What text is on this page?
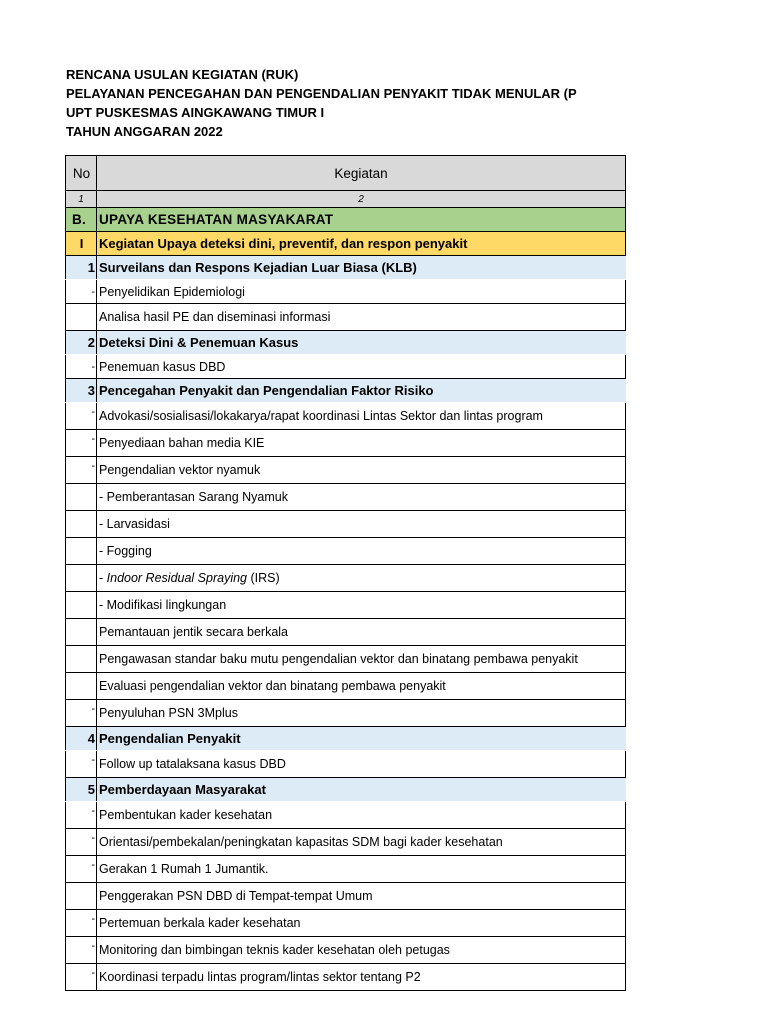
RENCANA USULAN KEGIATAN (RUK)
PELAYANAN PENCEGAHAN DAN PENGENDALIAN PENYAKIT TIDAK MENULAR (P
UPT PUSKESMAS AINGKAWANG TIMUR I
TAHUN ANGGARAN 2022
No	Kegiatan
1	2
B.	UPAYA KESEHATAN MASYAKARAT
I	Kegiatan Upaya deteksi dini, preventif, dan respon penyakit
1	Surveilans dan Respons Kejadian Luar Biasa (KLB)
-	Penyelidikan Epidemiologi
	Analisa hasil PE dan diseminasi informasi
2	Deteksi Dini & Penemuan Kasus
-	Penemuan kasus DBD
3	Pencegahan Penyakit dan Pengendalian Faktor Risiko
-	Advokasi/sosialisasi/lokakarya/rapat koordinasi Lintas Sektor dan lintas program
-	Penyediaan bahan media KIE
-	Pengendalian vektor nyamuk
	- Pemberantasan Sarang Nyamuk
	- Larvasidasi
	- Fogging
	- Indoor Residual Spraying (IRS)
	- Modifikasi lingkungan
	Pemantauan jentik secara berkala
	Pengawasan standar baku mutu pengendalian vektor dan binatang pembawa penyakit
	Evaluasi pengendalian vektor dan binatang pembawa penyakit
-	Penyuluhan PSN 3Mplus
4	Pengendalian Penyakit
-	Follow up tatalaksana kasus DBD
5	Pemberdayaan Masyarakat
-	Pembentukan kader kesehatan
-	Orientasi/pembekalan/peningkatan kapasitas SDM bagi kader kesehatan
-	Gerakan 1 Rumah 1 Jumantik.
	Penggerakan PSN DBD di Tempat-tempat Umum
-	Pertemuan berkala kader kesehatan
-	Monitoring dan bimbingan teknis kader kesehatan oleh petugas
-	Koordinasi terpadu lintas program/lintas sektor tentang P2
